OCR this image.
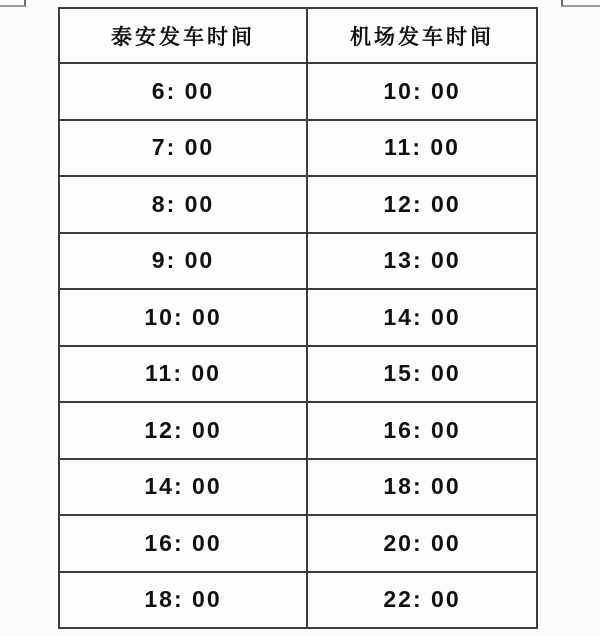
泰安发车时间	机场发车时间
6: 00	10: 00
7: 00	11: 00
8: 00	12: 00
9: 00	13: 00
10: 00	14: 00
11: 00	15: 00
12: 00	16: 00
14: 00	18: 00
16: 00	20: 00
18: 00	22: 00
